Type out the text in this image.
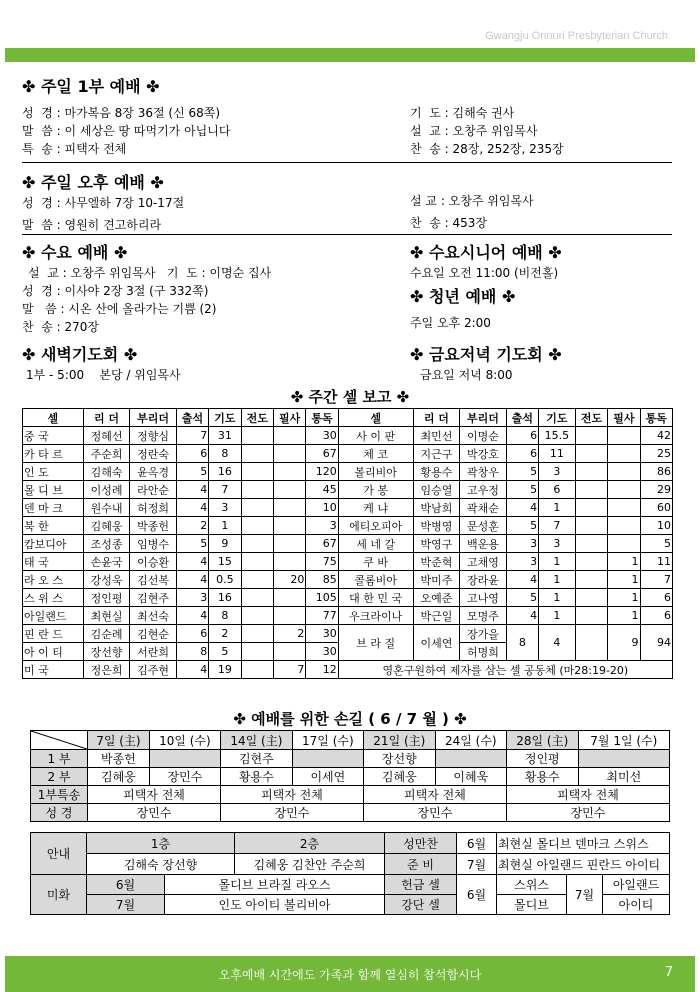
Gwangju Onnuri Presbyterian Church
✤ 주일 1부 예배 ✤
성  경 : 마가복음 8장 36절 (신 68쪽)
말  씀 : 이 세상은 땅 따먹기가 아닙니다
특  송 : 피택자 전체
기  도 : 김해숙 권사
설  교 : 오창주 위임목사
찬  송 : 28장, 252장, 235장
✤ 주일 오후 예배 ✤
성  경 : 사무엘하 7장 10-17절
말  씀 : 영원히 견고하리라
설 교 : 오창주 위임목사
찬  송 : 453장
✤ 수요 예배 ✤
설  교 : 오창주 위임목사   기  도 : 이명순 집사
성  경 : 이사야 2장 3절 (구 332쪽)
말   씀 : 시온 산에 올라가는 기쁨 (2)
찬  송 : 270장
✤ 수요시니어 예배 ✤
수요일 오전 11:00 (비전홀)
✤ 청년 예배 ✤
주일 오후 2:00
✤ 새벽기도회 ✤
1부 - 5:00    본당 / 위임목사
✤ 금요저녁 기도회 ✤
금요일 저녁 8:00
✤ 주간 셀 보고 ✤
셀	리 더	부리더	출석	기도	전도	필사	통독	셀	리 더	부리더	출석	기도	전도	필사	통독
중 국	정혜선	정향심	7	31			30	사 이 판	최민선	이명순	6	15.5			42
카 타 르	주순희	정란숙	6	8			67	체 코	지근구	박강호	6	11			25
인 도	김해숙	윤옥경	5	16			120	볼리비아	황용수	곽창우	5	3			86
몰 디 브	이성례	라안순	4	7			45	가 봉	임승열	고우정	5	6			29
덴 마 크	원수내	허정희	4	3			10	케 냐	박남희	곽채순	4	1			60
북 한	김혜웅	박종헌	2	1			3	에티오피아	박병영	문성훈	5	7			10
캄보디아	조성종	임병수	5	9			67	세 네 갈	박영구	백운용	3	3			5
태 국	손윤국	이승환	4	15			75	쿠 바	박준혁	고채영	3	1		1	11
라 오 스	강성욱	김선복	4	0.5		20	85	콜롬비아	박미주	장라윤	4	1		1	7
스 위 스	정인평	김현주	3	16			105	대 한 민 국	오예준	고나영	5	1		1	6
아일랜드	최현실	최선숙	4	8			77	우크라이나	박근일	모명주	4	1		1	6
핀 란 드	김순례	김현순	6	2		2	30	브 라 질	이세연	장가을	8	4		9	94
아 이 티	장선향	서란희	8	5			30			허명희					
미 국	정은희	김주현	4	19		7	12	영혼구원하여 제자를 삼는 셀 공동체 (마28:19-20)							
✤ 예배를 위한 손길 ( 6 / 7 월 ) ✤
	7일 (主)	10일 (수)	14일 (主)	17일 (수)	21일 (主)	24일 (수)	28일 (主)	7월 1일 (수)
1 부	박종헌		김현주		장선향		정인평	
2 부	김혜웅	장민수	황용수	이세연	김혜웅	이혜욱	황용수	최미선
1부특송	피택자 전체		피택자 전체		피택자 전체		피택자 전체	
성 경	장민수		장민수		장민수		장민수	
안내	1층	2층	성만찬	6월	최현실 몰디브 덴마크 스위스
	김해숙 장선향	김혜웅 김찬안 주순희	준 비	7월	최현실 아일랜드 핀란드 아이티
미화	6월	몰디브 브라질 라오스	헌금 셀	6월	스위스	7월	아일랜드
	7월	인도 아이티 볼리비아	강단 셀		몰디브		아이티
오후예배 시간에도 가족과 함께 열심히 참석합시다	7
